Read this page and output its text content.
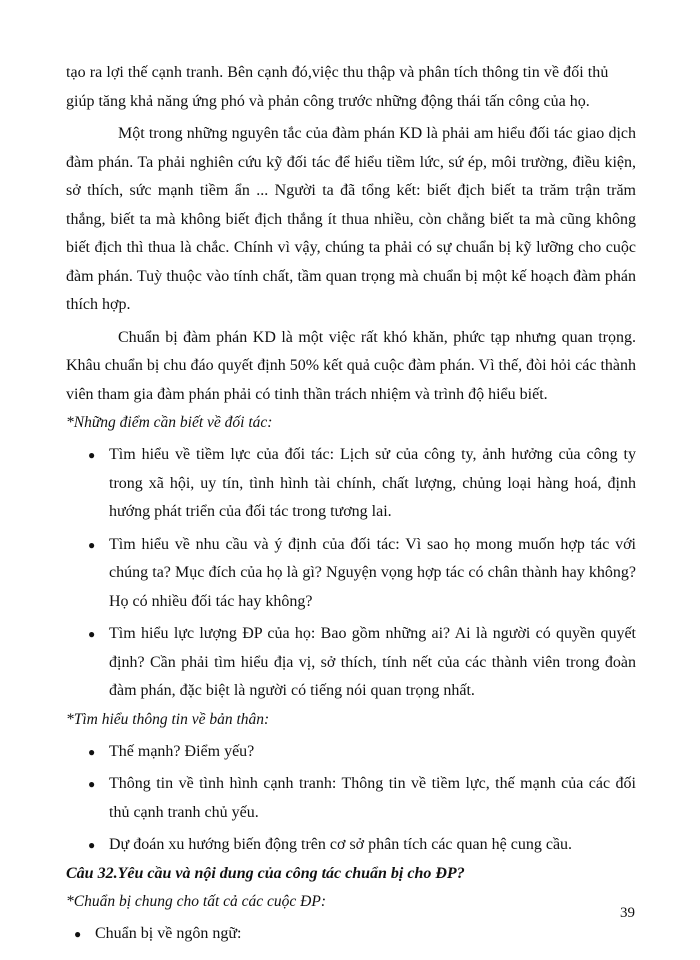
tạo ra lợi thế cạnh tranh. Bên cạnh đó,việc thu thập và phân tích thông tin về đối thủ

giúp tăng khả năng ứng phó và phản công trước những động thái tấn công của họ.

Một trong những nguyên tắc của đàm phán KD là phải am hiểu đối tác giao dịch đàm phán. Ta phải nghiên cứu kỹ đối tác để hiểu tiềm lức, sứ ép, môi trường, điều kiện, sở thích, sức mạnh tiềm ẩn ... Người ta đã tổng kết: biết địch biết ta trăm trận trăm thắng, biết ta mà không biết địch thắng ít thua nhiều, còn chẳng biết ta mà cũng không biết địch thì thua là chắc. Chính vì vậy, chúng ta phải có sự chuẩn bị kỹ lưỡng cho cuộc đàm phán. Tuỳ thuộc vào tính chất, tầm quan trọng mà chuẩn bị một kế hoạch đàm phán thích hợp.

Chuẩn bị đàm phán KD là một việc rất khó khăn, phức tạp nhưng quan trọng. Khâu chuẩn bị chu đáo quyết định 50% kết quả cuộc đàm phán. Vì thế, đòi hỏi các thành viên tham gia đàm phán phải có tinh thần trách nhiệm và trình độ hiểu biết.

*Những điểm cần biết về đối tác:

● Tìm hiểu về tiềm lực của đối tác: Lịch sử của công ty, ảnh hưởng của công ty trong xã hội, uy tín, tình hình tài chính, chất lượng, chủng loại hàng hoá, định hướng phát triển của đối tác trong tương lai.

● Tìm hiểu về nhu cầu và ý định của đối tác: Vì sao họ mong muốn hợp tác với chúng ta? Mục đích của họ là gì? Nguyện vọng hợp tác có chân thành hay không? Họ có nhiều đối tác hay không?

● Tìm hiểu lực lượng ĐP của họ: Bao gồm những ai? Ai là người có quyền quyết định? Cần phải tìm hiểu địa vị, sở thích, tính nết của các thành viên trong đoàn đàm phán, đặc biệt là người có tiếng nói quan trọng nhất.

*Tìm hiểu thông tin về bản thân:

● Thế mạnh? Điểm yếu?

● Thông tin về tình hình cạnh tranh: Thông tin về tiềm lực, thế mạnh của các đối thủ cạnh tranh chủ yếu.

● Dự đoán xu hướng biến động trên cơ sở phân tích các quan hệ cung cầu.

Câu 32.Yêu cầu và nội dung của công tác chuẩn bị cho ĐP?

*Chuẩn bị chung cho tất cả các cuộc ĐP:

● Chuẩn bị về ngôn ngữ:

39
